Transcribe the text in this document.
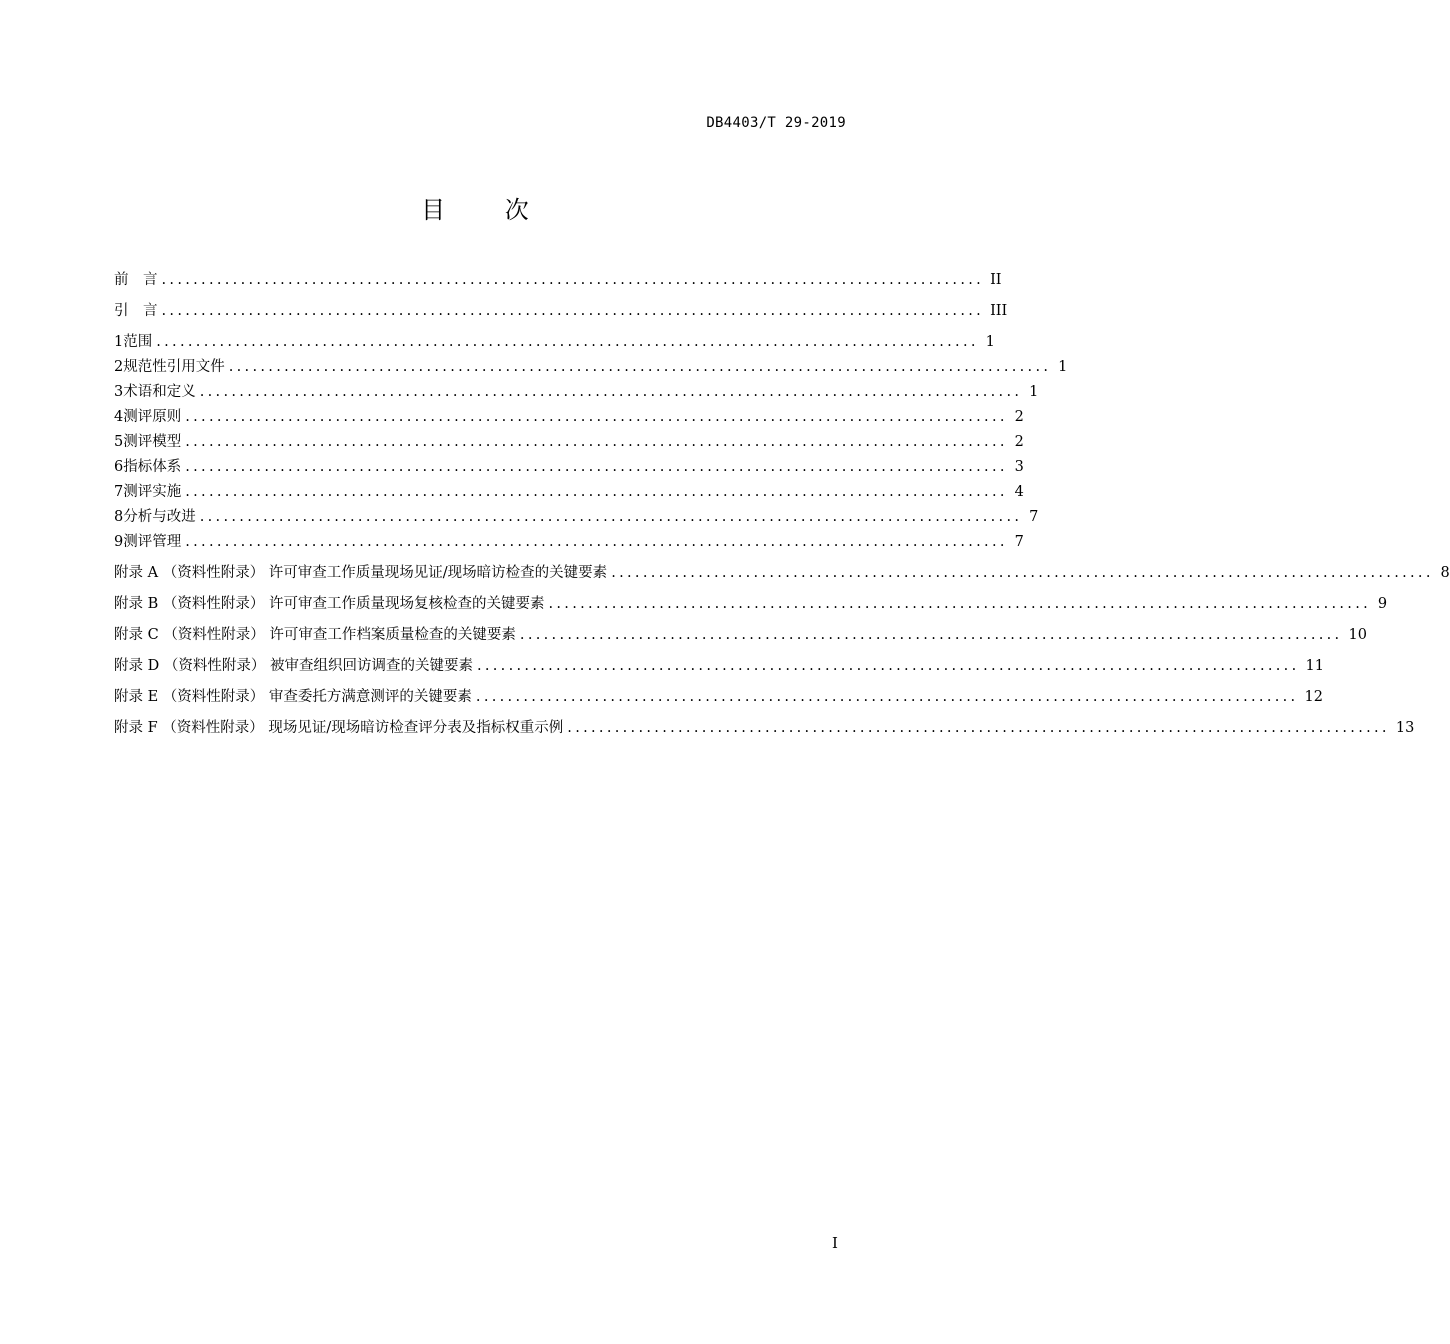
DB4403/T 29-2019
目 次
前　言 ........................................................................................................ II
引　言 ........................................................................................................ III
1 范围 ........................................................................................................ 1
2 规范性引用文件 ........................................................................................................ 1
3 术语和定义 ........................................................................................................ 1
4 测评原则 ........................................................................................................ 2
5 测评模型 ........................................................................................................ 2
6 指标体系 ........................................................................................................ 3
7 测评实施 ........................................................................................................ 4
8 分析与改进 ........................................................................................................ 7
9 测评管理 ........................................................................................................ 7
附录 A （资料性附录） 许可审查工作质量现场见证/现场暗访检查的关键要素 ........................................................................................................ 8
附录 B （资料性附录） 许可审查工作质量现场复核检查的关键要素 ........................................................................................................ 9
附录 C （资料性附录） 许可审查工作档案质量检查的关键要素 ........................................................................................................ 10
附录 D （资料性附录） 被审查组织回访调查的关键要素 ........................................................................................................ 11
附录 E （资料性附录） 审查委托方满意测评的关键要素 ........................................................................................................ 12
附录 F （资料性附录） 现场见证/现场暗访检查评分表及指标权重示例 ........................................................................................................ 13
I
